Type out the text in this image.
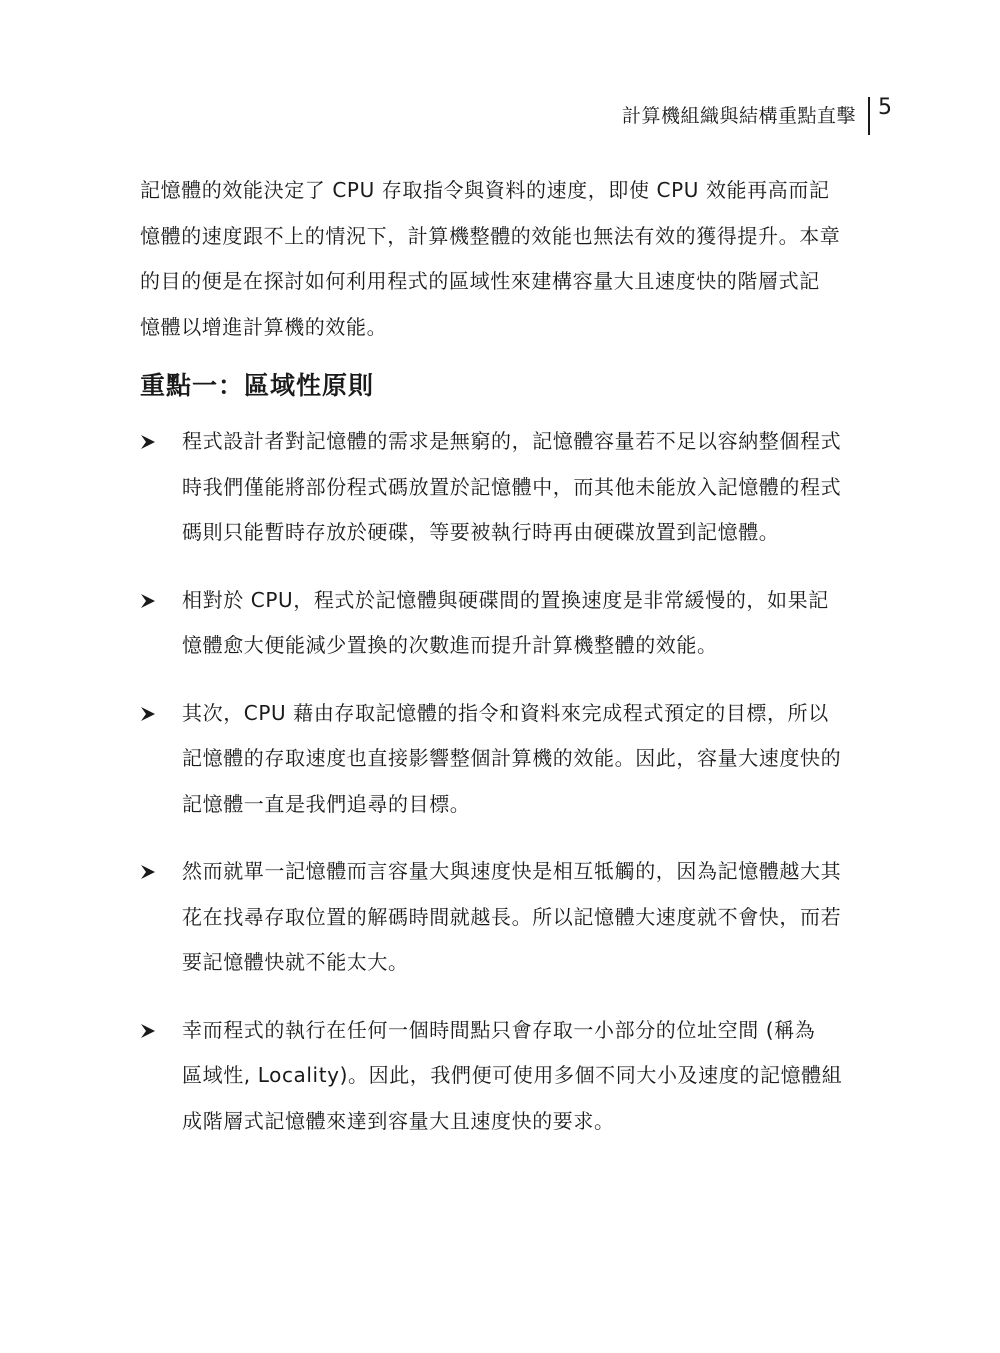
計算機組織與結構重點直擊	5

記憶體的效能決定了 CPU 存取指令與資料的速度，即使 CPU 效能再高而記
憶體的速度跟不上的情況下，計算機整體的效能也無法有效的獲得提升。本章
的目的便是在探討如何利用程式的區域性來建構容量大且速度快的階層式記
憶體以增進計算機的效能。

重點一：區域性原則
程式設計者對記憶體的需求是無窮的，記憶體容量若不足以容納整個程式
時我們僅能將部份程式碼放置於記憶體中，而其他未能放入記憶體的程式
碼則只能暫時存放於硬碟，等要被執行時再由硬碟放置到記憶體。
相對於 CPU，程式於記憶體與硬碟間的置換速度是非常緩慢的，如果記
憶體愈大便能減少置換的次數進而提升計算機整體的效能。
其次，CPU 藉由存取記憶體的指令和資料來完成程式預定的目標，所以
記憶體的存取速度也直接影響整個計算機的效能。因此，容量大速度快的
記憶體一直是我們追尋的目標。
然而就單一記憶體而言容量大與速度快是相互牴觸的，因為記憶體越大其
花在找尋存取位置的解碼時間就越長。所以記憶體大速度就不會快，而若
要記憶體快就不能太大。
幸而程式的執行在任何一個時間點只會存取一小部分的位址空間 (稱為
區域性, Locality)。因此，我們便可使用多個不同大小及速度的記憶體組
成階層式記憶體來達到容量大且速度快的要求。
